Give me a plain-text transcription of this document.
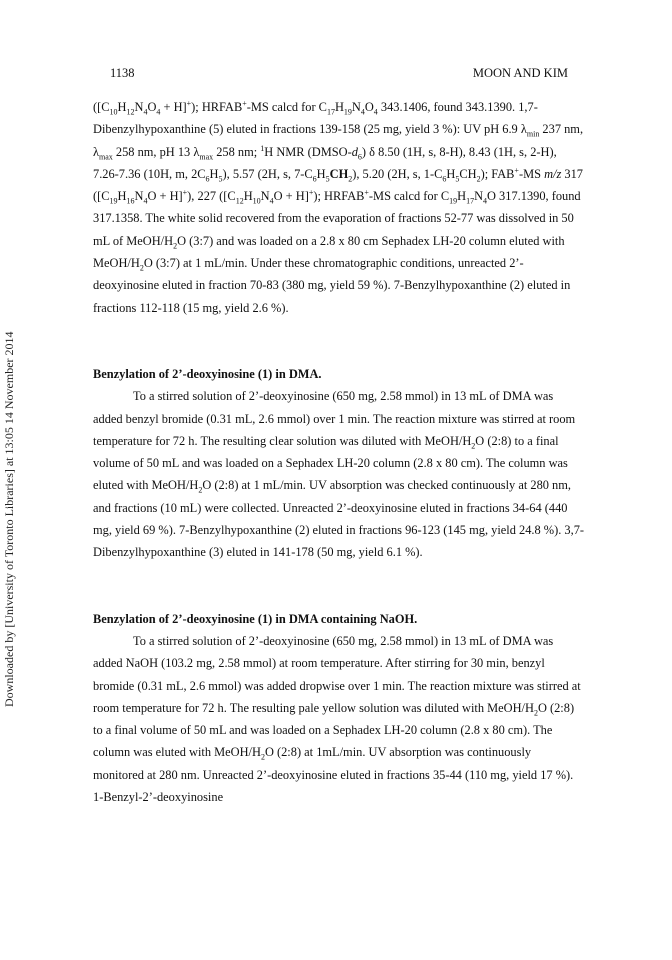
1138	MOON AND KIM
Downloaded by [University of Toronto Libraries] at 13:05 14 November 2014

$([C_{10}H_{12}N_4O_4 + H]^+)$; HRFAB+-MS calcd for $C_{17}H_{19}N_4O_4$ 343.1406, found 343.1390. 1,7-Dibenzylhypoxanthine (5) eluted in fractions 139-158 (25 mg, yield 3 %): UV pH 6.9 $\lambda_{min}$ 237 nm, $\lambda_{max}$ 258 nm, pH 13 $\lambda_{max}$ 258 nm; $^1$H NMR $(DMSO-d_6)$ δ 8.50 (1H, s, 8-H), 8.43 (1H, s, 2-H), 7.26-7.36 (10H, m, $2C_6H_5$), 5.57 (2H, s, $7-C_6H_5CH_2$), 5.20 (2H, s, $1-C_6H_5CH_2$); FAB+-MS m/z 317 $([C_{19}H_{16}N_4O + H]^+)$, 227 $([C_{12}H_{10}N_4O + H]^+)$; HRFAB+-MS calcd for $C_{19}H_{17}N_4O$ 317.1390, found 317.1358. The white solid recovered from the evaporation of fractions 52-77 was dissolved in 50 mL of MeOH/$H_2O$ (3:7) and was loaded on a 2.8 x 80 cm Sephadex LH-20 column eluted with MeOH/$H_2O$ (3:7) at 1 mL/min. Under these chromatographic conditions, unreacted 2’-deoxyinosine eluted in fraction 70-83 (380 mg, yield 59 %). 7-Benzylhypoxanthine (2) eluted in fractions 112-118 (15 mg, yield 2.6 %).

Benzylation of 2’-deoxyinosine (1) in DMA.

To a stirred solution of 2’-deoxyinosine (650 mg, 2.58 mmol) in 13 mL of DMA was added benzyl bromide (0.31 mL, 2.6 mmol) over 1 min. The reaction mixture was stirred at room temperature for 72 h. The resulting clear solution was diluted with MeOH/$H_2O$ (2:8) to a final volume of 50 mL and was loaded on a Sephadex LH-20 column (2.8 x 80 cm). The column was eluted with MeOH/$H_2O$ (2:8) at 1 mL/min. UV absorption was checked continuously at 280 nm, and fractions (10 mL) were collected. Unreacted 2’-deoxyinosine eluted in fractions 34-64 (440 mg, yield 69 %). 7-Benzylhypoxanthine (2) eluted in fractions 96-123 (145 mg, yield 24.8 %). 3,7-Dibenzylhypoxanthine (3) eluted in 141-178 (50 mg, yield 6.1 %).

Benzylation of 2’-deoxyinosine (1) in DMA containing NaOH.

To a stirred solution of 2’-deoxyinosine (650 mg, 2.58 mmol) in 13 mL of DMA was added NaOH (103.2 mg, 2.58 mmol) at room temperature. After stirring for 30 min, benzyl bromide (0.31 mL, 2.6 mmol) was added dropwise over 1 min. The reaction mixture was stirred at room temperature for 72 h. The resulting pale yellow solution was diluted with MeOH/$H_2O$ (2:8) to a final volume of 50 mL and was loaded on a Sephadex LH-20 column (2.8 x 80 cm). The column was eluted with MeOH/$H_2O$ (2:8) at 1mL/min. UV absorption was continuously monitored at 280 nm. Unreacted 2’-deoxyinosine eluted in fractions 35-44 (110 mg, yield 17 %). 1-Benzyl-2’-deoxyinosine
